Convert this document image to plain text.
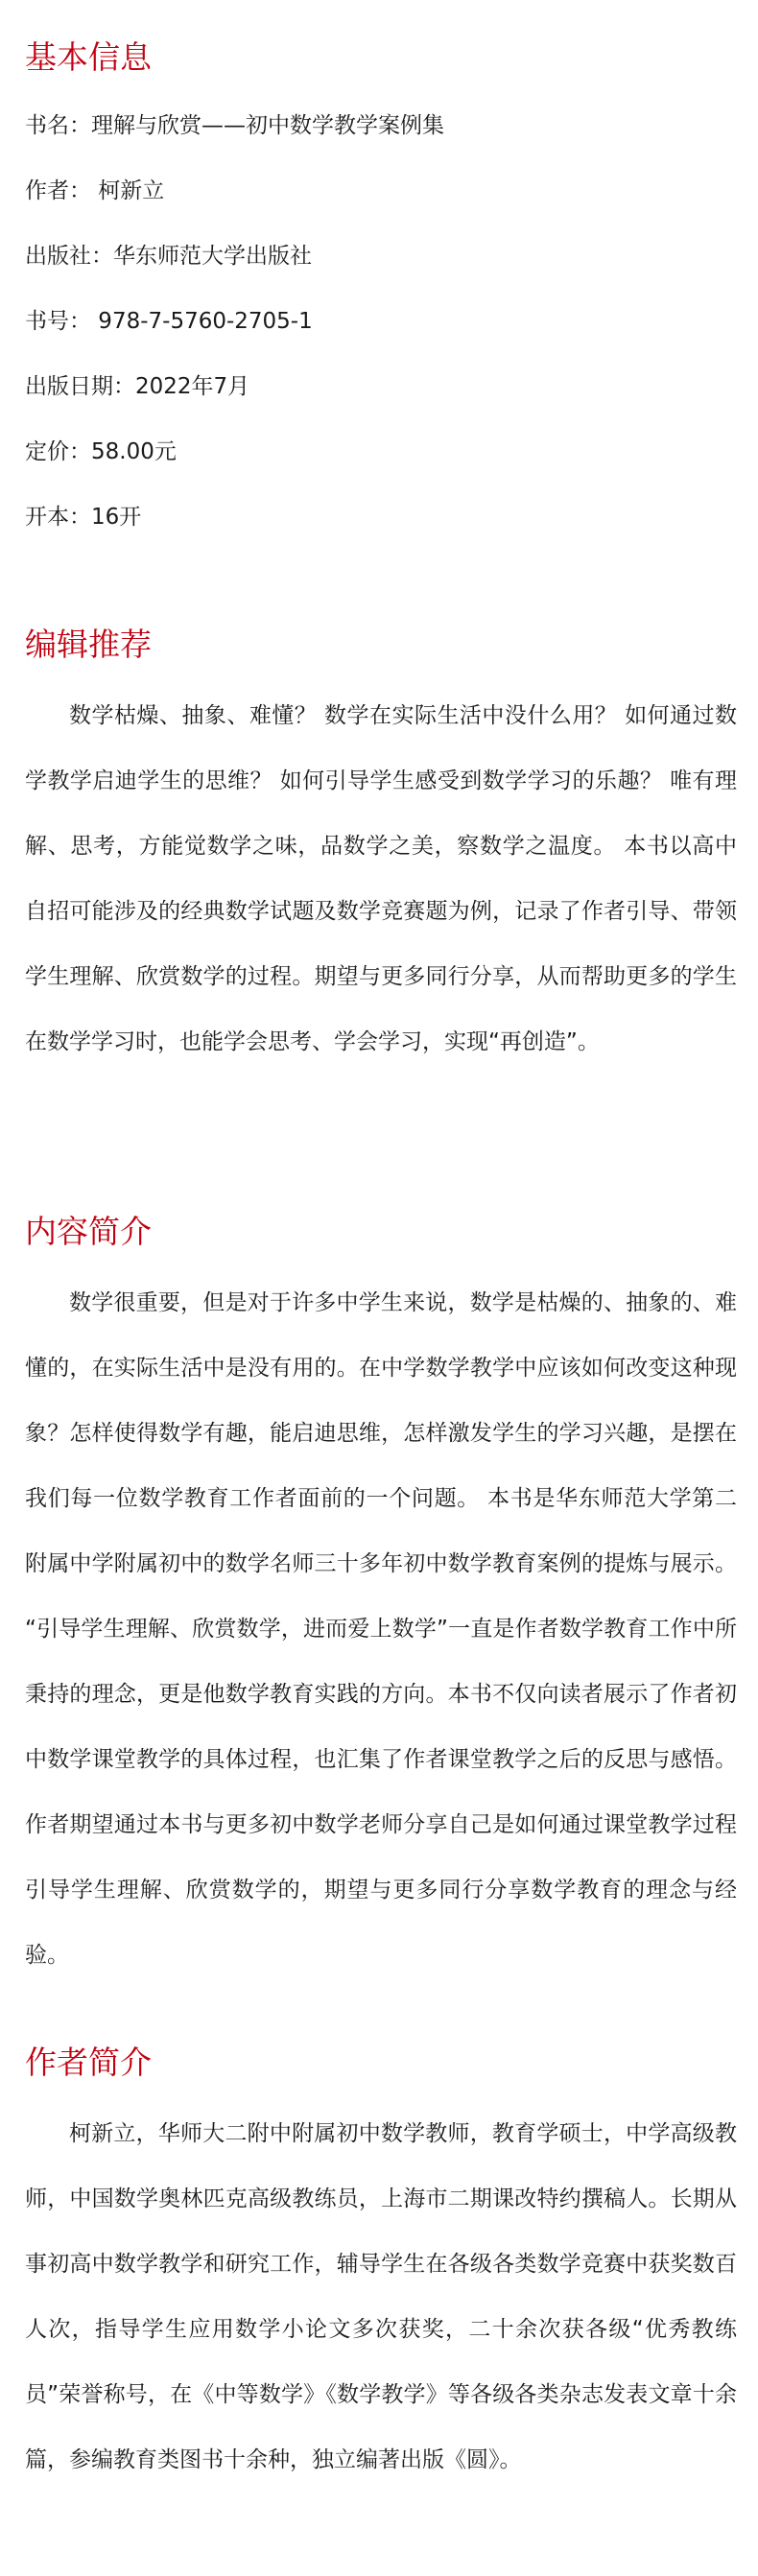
基本信息

书名：理解与欣赏——初中数学教学案例集

作者： 柯新立

出版社：华东师范大学出版社

书号： 978-7-5760-2705-1

出版日期：2022年7月

定价：58.00元

开本：16开

编辑推荐

数学枯燥、抽象、难懂？ 数学在实际生活中没什么用？ 如何通过数学教学启迪学生的思维？ 如何引导学生感受到数学学习的乐趣？ 唯有理解、思考，方能觉数学之味，品数学之美，察数学之温度。 本书以高中自招可能涉及的经典数学试题及数学竞赛题为例，记录了作者引导、带领学生理解、欣赏数学的过程。期望与更多同行分享，从而帮助更多的学生在数学学习时，也能学会思考、学会学习，实现“再创造”。

内容简介

数学很重要，但是对于许多中学生来说，数学是枯燥的、抽象的、难懂的，在实际生活中是没有用的。在中学数学教学中应该如何改变这种现象？怎样使得数学有趣，能启迪思维，怎样激发学生的学习兴趣，是摆在我们每一位数学教育工作者面前的一个问题。 本书是华东师范大学第二附属中学附属初中的数学名师三十多年初中数学教育案例的提炼与展示。 “引导学生理解、欣赏数学，进而爱上数学”一直是作者数学教育工作中所秉持的理念，更是他数学教育实践的方向。本书不仅向读者展示了作者初中数学课堂教学的具体过程，也汇集了作者课堂教学之后的反思与感悟。作者期望通过本书与更多初中数学老师分享自己是如何通过课堂教学过程引导学生理解、欣赏数学的，期望与更多同行分享数学教育的理念与经验。

作者简介

柯新立，华师大二附中附属初中数学教师，教育学硕士，中学高级教师，中国数学奥林匹克高级教练员，上海市二期课改特约撰稿人。长期从事初高中数学教学和研究工作，辅导学生在各级各类数学竞赛中获奖数百人次，指导学生应用数学小论文多次获奖，二十余次获各级“优秀教练员”荣誉称号，在《中等数学》《数学教学》等各级各类杂志发表文章十余篇，参编教育类图书十余种，独立编著出版《圆》。
